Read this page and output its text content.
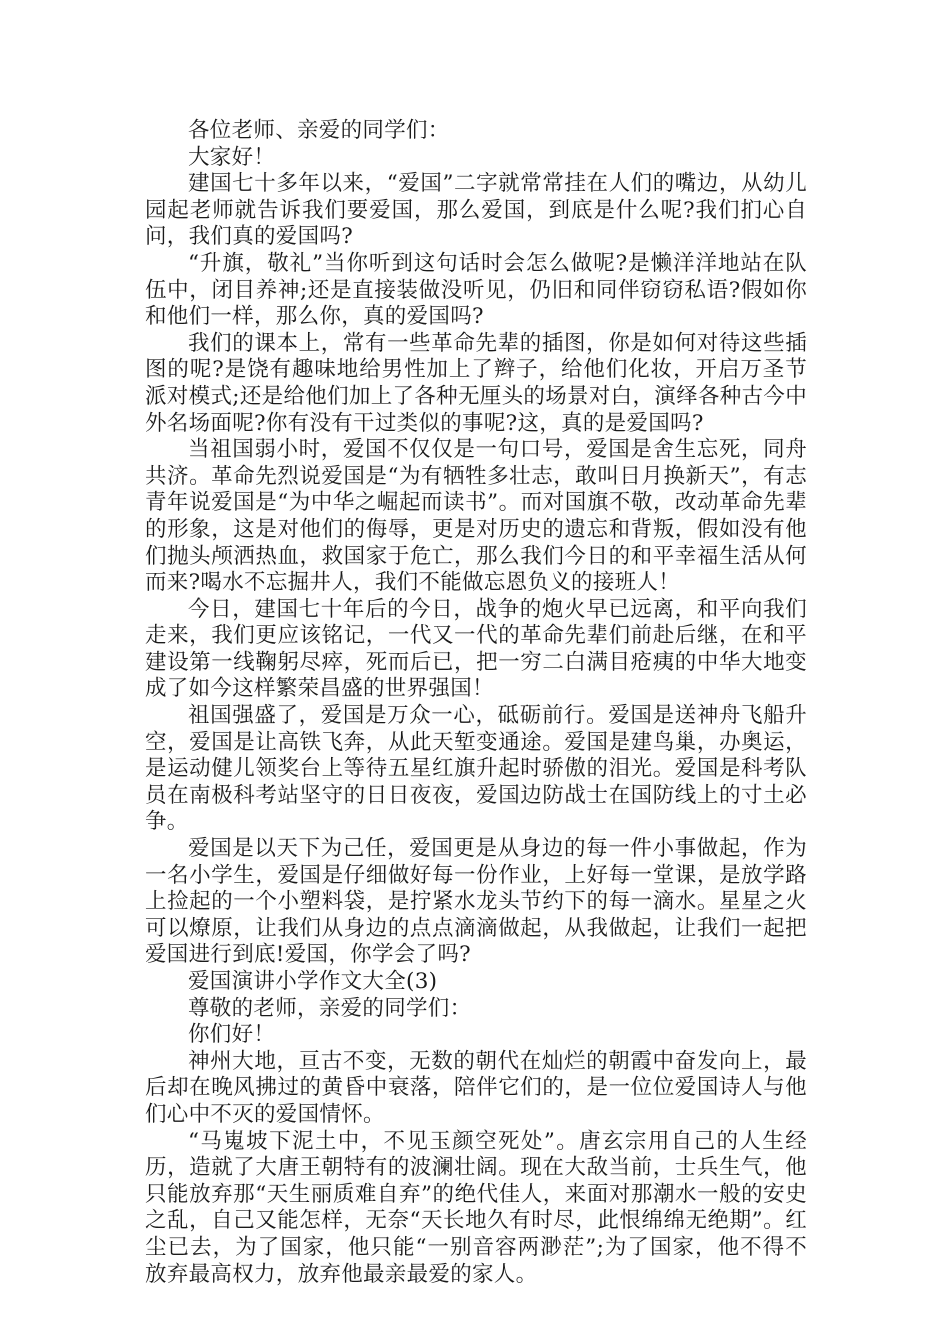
各位老师、亲爱的同学们：

大家好！

建国七十多年以来，“爱国”二字就常常挂在人们的嘴边，从幼儿园起老师就告诉我们要爱国，那么爱国，到底是什么呢?我们扪心自问，我们真的爱国吗?

“升旗，敬礼”当你听到这句话时会怎么做呢?是懒洋洋地站在队伍中，闭目养神;还是直接装做没听见，仍旧和同伴窃窃私语?假如你和他们一样，那么你，真的爱国吗?

我们的课本上，常有一些革命先辈的插图，你是如何对待这些插图的呢?是饶有趣味地给男性加上了辫子，给他们化妆，开启万圣节派对模式;还是给他们加上了各种无厘头的场景对白，演绎各种古今中外名场面呢?你有没有干过类似的事呢?这，真的是爱国吗?

当祖国弱小时，爱国不仅仅是一句口号，爱国是舍生忘死，同舟共济。革命先烈说爱国是“为有牺牲多壮志，敢叫日月换新天”，有志青年说爱国是“为中华之崛起而读书”。而对国旗不敬，改动革命先辈的形象，这是对他们的侮辱，更是对历史的遗忘和背叛，假如没有他们抛头颅洒热血，救国家于危亡，那么我们今日的和平幸福生活从何而来?喝水不忘掘井人，我们不能做忘恩负义的接班人！

今日，建国七十年后的今日，战争的炮火早已远离，和平向我们走来，我们更应该铭记，一代又一代的革命先辈们前赴后继，在和平建设第一线鞠躬尽瘁，死而后已，把一穷二白满目疮痍的中华大地变成了如今这样繁荣昌盛的世界强国！

祖国强盛了，爱国是万众一心，砥砺前行。爱国是送神舟飞船升空，爱国是让高铁飞奔，从此天堑变通途。爱国是建鸟巢，办奥运，是运动健儿领奖台上等待五星红旗升起时骄傲的泪光。爱国是科考队员在南极科考站坚守的日日夜夜，爱国边防战士在国防线上的寸土必争。

爱国是以天下为己任，爱国更是从身边的每一件小事做起，作为一名小学生，爱国是仔细做好每一份作业，上好每一堂课，是放学路上捡起的一个小塑料袋，是拧紧水龙头节约下的每一滴水。星星之火可以燎原，让我们从身边的点点滴滴做起，从我做起，让我们一起把爱国进行到底!爱国，你学会了吗?

爱国演讲小学作文大全(3)

尊敬的老师，亲爱的同学们：

你们好！

神州大地，亘古不变，无数的朝代在灿烂的朝霞中奋发向上，最后却在晚风拂过的黄昏中衰落，陪伴它们的，是一位位爱国诗人与他们心中不灭的爱国情怀。

“马嵬坡下泥土中，不见玉颜空死处”。唐玄宗用自己的人生经历，造就了大唐王朝特有的波澜壮阔。现在大敌当前，士兵生气，他只能放弃那“天生丽质难自弃”的绝代佳人，来面对那潮水一般的安史之乱，自己又能怎样，无奈“天长地久有时尽，此恨绵绵无绝期”。红尘已去，为了国家，他只能“一别音容两渺茫”;为了国家，他不得不放弃最高权力，放弃他最亲最爱的家人。
